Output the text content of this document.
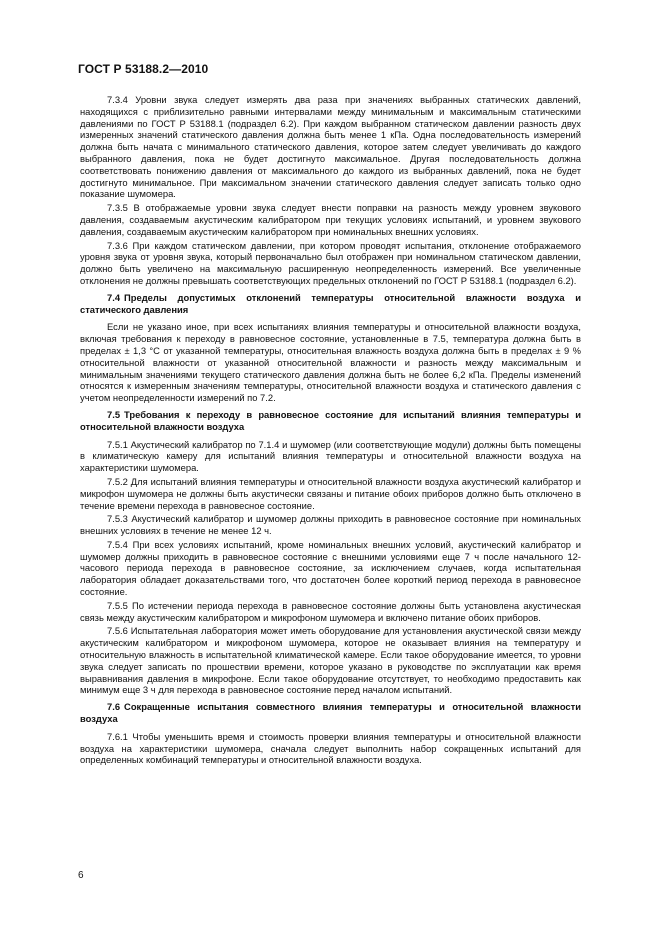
ГОСТ Р 53188.2—2010

7.3.4 Уровни звука следует измерять два раза при значениях выбранных статических давлений, находящихся с приблизительно равными интервалами между минимальным и максимальным статическими давлениями по ГОСТ Р 53188.1 (подраздел 6.2). При каждом выбранном статическом давлении разность двух измеренных значений статического давления должна быть менее 1 кПа. Одна последовательность измерений должна быть начата с минимального статического давления, которое затем следует увеличивать до каждого выбранного давления, пока не будет достигнуто максимальное. Другая последовательность должна соответствовать понижению давления от максимального до каждого из выбранных давлений, пока не будет достигнуто минимальное. При максимальном значении статического давления следует записать только одно показание шумомера.

7.3.5 В отображаемые уровни звука следует внести поправки на разность между уровнем звукового давления, создаваемым акустическим калибратором при текущих условиях испытаний, и уровнем звукового давления, создаваемым акустическим калибратором при номинальных внешних условиях.

7.3.6 При каждом статическом давлении, при котором проводят испытания, отклонение отображаемого уровня звука от уровня звука, который первоначально был отображен при номинальном статическом давлении, должно быть увеличено на максимальную расширенную неопределенность измерений. Все увеличенные отклонения не должны превышать соответствующих предельных отклонений по ГОСТ Р 53188.1 (подраздел 6.2).

7.4 Пределы допустимых отклонений температуры относительной влажности воздуха и статического давления

Если не указано иное, при всех испытаниях влияния температуры и относительной влажности воздуха, включая требования к переходу в равновесное состояние, установленные в 7.5, температура должна быть в пределах ± 1,3 °С от указанной температуры, относительная влажность воздуха должна быть в пределах ± 9 % относительной влажности от указанной относительной влажности и разность между максимальным и минимальным значениями текущего статического давления должна быть не более 6,2 кПа. Пределы изменений относятся к измеренным значениям температуры, относительной влажности воздуха и статического давления с учетом неопределенности измерений по 7.2.

7.5 Требования к переходу в равновесное состояние для испытаний влияния температуры и относительной влажности воздуха

7.5.1 Акустический калибратор по 7.1.4 и шумомер (или соответствующие модули) должны быть помещены в климатическую камеру для испытаний влияния температуры и относительной влажности воздуха на характеристики шумомера.

7.5.2 Для испытаний влияния температуры и относительной влажности воздуха акустический калибратор и микрофон шумомера не должны быть акустически связаны и питание обоих приборов должно быть отключено в течение времени перехода в равновесное состояние.

7.5.3 Акустический калибратор и шумомер должны приходить в равновесное состояние при номинальных внешних условиях в течение не менее 12 ч.

7.5.4 При всех условиях испытаний, кроме номинальных внешних условий, акустический калибратор и шумомер должны приходить в равновесное состояние с внешними условиями еще 7 ч после начального 12-часового периода перехода в равновесное состояние, за исключением случаев, когда испытательная лаборатория обладает доказательствами того, что достаточен более короткий период перехода в равновесное состояние.

7.5.5 По истечении периода перехода в равновесное состояние должны быть установлена акустическая связь между акустическим калибратором и микрофоном шумомера и включено питание обоих приборов.

7.5.6 Испытательная лаборатория может иметь оборудование для установления акустической связи между акустическим калибратором и микрофоном шумомера, которое не оказывает влияния на температуру и относительную влажность в испытательной климатической камере. Если такое оборудование имеется, то уровни звука следует записать по прошествии времени, которое указано в руководстве по эксплуатации как время выравнивания давления в микрофоне. Если такое оборудование отсутствует, то необходимо предоставить как минимум еще 3 ч для перехода в равновесное состояние перед началом испытаний.

7.6 Сокращенные испытания совместного влияния температуры и относительной влажности воздуха

7.6.1 Чтобы уменьшить время и стоимость проверки влияния температуры и относительной влажности воздуха на характеристики шумомера, сначала следует выполнить набор сокращенных испытаний для определенных комбинаций температуры и относительной влажности воздуха.

6
